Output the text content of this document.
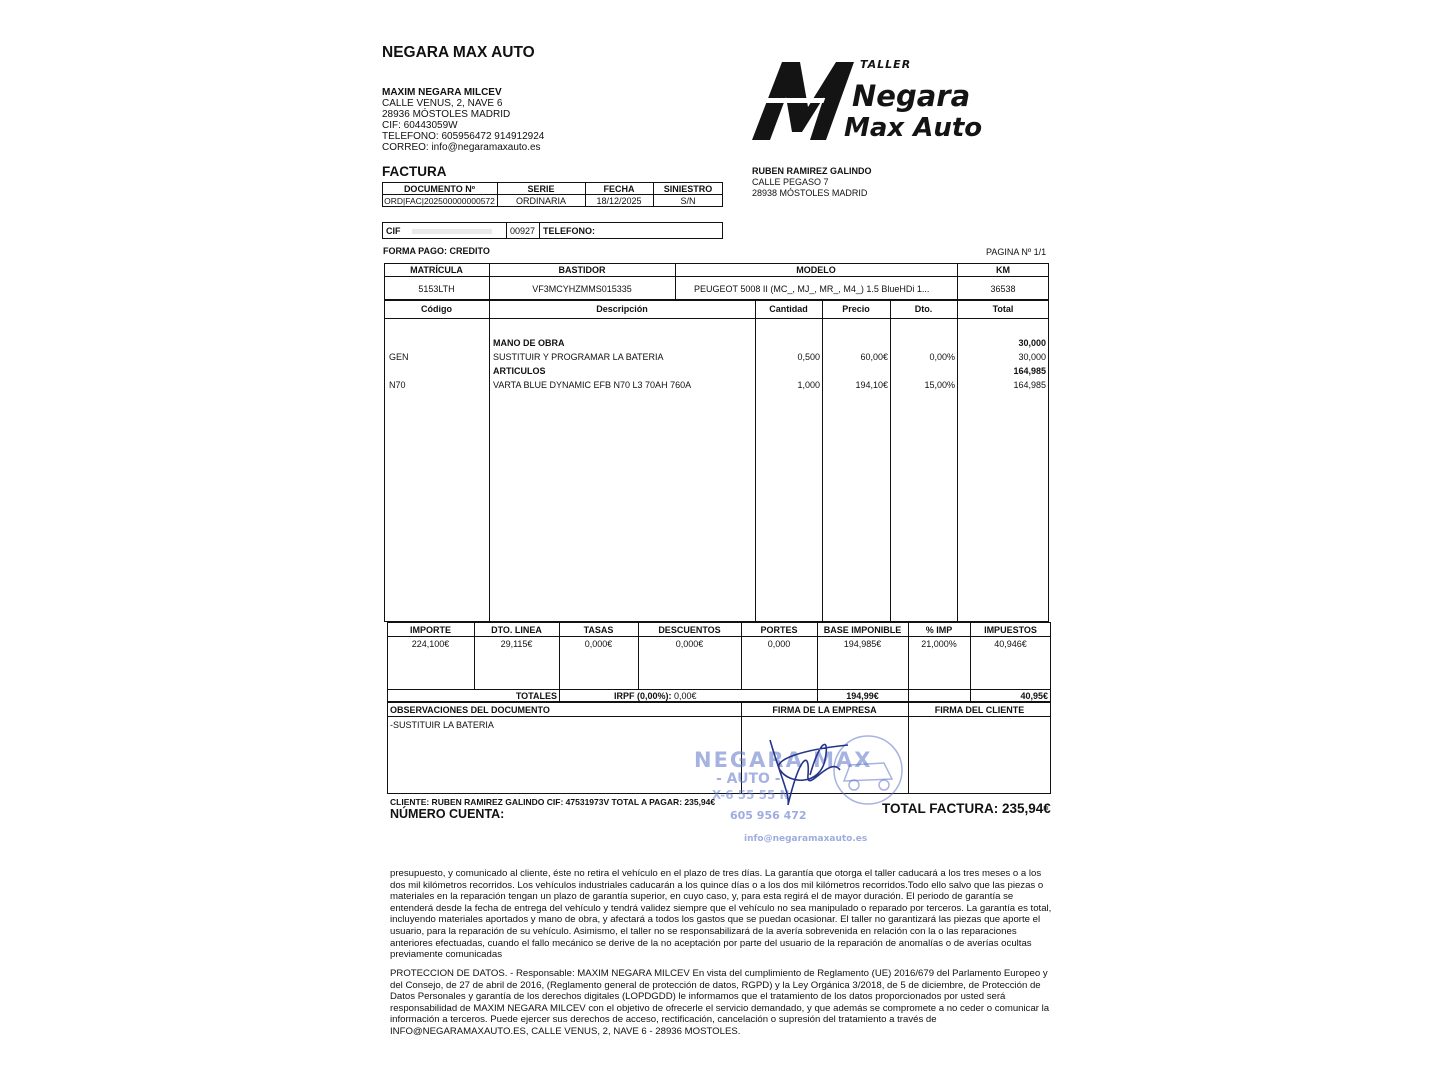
NEGARA MAX AUTO
MAXIM NEGARA MILCEV
CALLE VENUS, 2, NAVE 6
28936 MÓSTOLES MADRID
CIF: 60443059W
TELEFONO: 605956472 914912924
CORREO: info@negaramaxauto.es
TALLER
Negara
Max Auto
FACTURA
DOCUMENTO Nº	SERIE	FECHA	SINIESTRO
ORD|FAC|202500000000572	ORDINARIA	18/12/2025	S/N
RUBEN RAMIREZ GALINDO
CALLE PEGASO 7
28938 MÓSTOLES MADRID
CIF	00927 TELEFONO:
FORMA PAGO: CREDITO	PAGINA Nº 1/1
MATRÍCULA	BASTIDOR	MODELO	KM
5153LTH	VF3MCYHZMMS015335	PEUGEOT 5008 II (MC_, MJ_, MR_, M4_) 1.5 BlueHDi 1...	36538
Código	Descripción	Cantidad	Precio	Dto.	Total
MANO DE OBRA	30,000
GEN	SUSTITUIR Y PROGRAMAR LA BATERIA	0,500	60,00€	0,00%	30,000
ARTICULOS	164,985
N70	VARTA BLUE DYNAMIC EFB N70 L3 70AH 760A	1,000	194,10€	15,00%	164,985
IMPORTE	DTO. LINEA	TASAS	DESCUENTOS	PORTES	BASE IMPONIBLE	% IMP	IMPUESTOS
224,100€	29,115€	0,000€	0,000€	0,000	194,985€	21,000%	40,946€
TOTALES	IRPF (0,00%): 0,00€	194,99€	40,95€
OBSERVACIONES DEL DOCUMENTO	FIRMA DE LA EMPRESA	FIRMA DEL CLIENTE
-SUSTITUIR LA BATERIA
NEGARA MAX
- AUTO -
X-6 55 55 N
605 956 472
info@negaramaxauto.es
CLIENTE: RUBEN RAMIREZ GALINDO CIF: 47531973V TOTAL A PAGAR: 235,94€
NÚMERO CUENTA:	TOTAL FACTURA: 235,94€
presupuesto, y comunicado al cliente, éste no retira el vehículo en el plazo de tres días. La garantía que otorga el taller caducará a los tres meses o a los dos mil kilómetros recorridos. Los vehículos industriales caducarán a los quince días o a los dos mil kilómetros recorridos.Todo ello salvo que las piezas o materiales en la reparación tengan un plazo de garantía superior, en cuyo caso, y, para esta regirá el de mayor duración. El periodo de garantía se entenderá desde la fecha de entrega del vehículo y tendrá validez siempre que el vehículo no sea manipulado o reparado por terceros. La garantía es total, incluyendo materiales aportados y mano de obra, y afectará a todos los gastos que se puedan ocasionar. El taller no garantizará las piezas que aporte el usuario, para la reparación de su vehículo. Asimismo, el taller no se responsabilizará de la avería sobrevenida en relación con la o las reparaciones anteriores efectuadas, cuando el fallo mecánico se derive de la no aceptación por parte del usuario de la reparación de anomalías o de averías ocultas previamente comunicadas
PROTECCION DE DATOS. - Responsable: MAXIM NEGARA MILCEV En vista del cumplimiento de Reglamento (UE) 2016/679 del Parlamento Europeo y del Consejo, de 27 de abril de 2016, (Reglamento general de protección de datos, RGPD) y la Ley Orgánica 3/2018, de 5 de diciembre, de Protección de Datos Personales y garantía de los derechos digitales (LOPDGDD) le informamos que el tratamiento de los datos proporcionados por usted será responsabilidad de MAXIM NEGARA MILCEV con el objetivo de ofrecerle el servicio demandado, y que además se compromete a no ceder o comunicar la información a terceros. Puede ejercer sus derechos de acceso, rectificación, cancelación o supresión del tratamiento a través de INFO@NEGARAMAXAUTO.ES, CALLE VENUS, 2, NAVE 6 - 28936 MOSTOLES.
